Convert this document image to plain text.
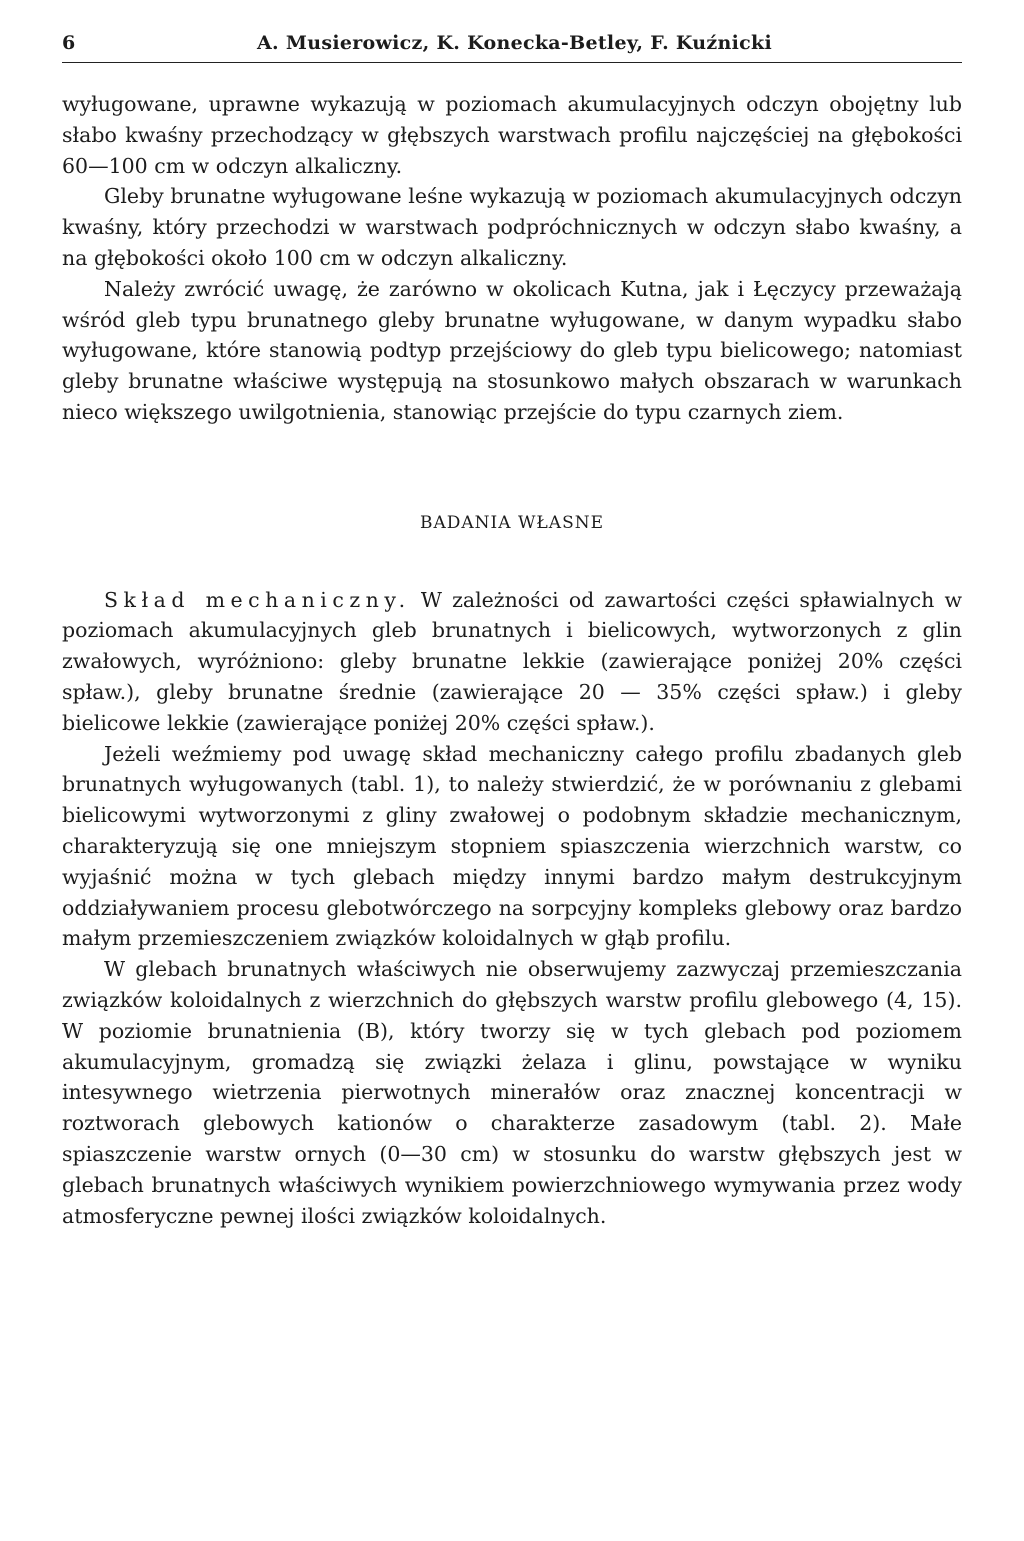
6	A. Musierowicz, K. Konecka-Betley, F. Kuźnicki

wyługowane, uprawne wykazują w poziomach akumulacyjnych odczyn obojętny lub słabo kwaśny przechodzący w głębszych warstwach profilu najczęściej na głębokości 60—100 cm w odczyn alkaliczny.

Gleby brunatne wyługowane leśne wykazują w poziomach akumulacyjnych odczyn kwaśny, który przechodzi w warstwach podpróchnicznych w odczyn słabo kwaśny, a na głębokości około 100 cm w odczyn alkaliczny.

Należy zwrócić uwagę, że zarówno w okolicach Kutna, jak i Łęczycy przeważają wśród gleb typu brunatnego gleby brunatne wyługowane, w danym wypadku słabo wyługowane, które stanowią podtyp przejściowy do gleb typu bielicowego; natomiast gleby brunatne właściwe występują na stosunkowo małych obszarach w warunkach nieco większego uwilgotnienia, stanowiąc przejście do typu czarnych ziem.

BADANIA WŁASNE

Skład mechaniczny. W zależności od zawartości części spławialnych w poziomach akumulacyjnych gleb brunatnych i bielicowych, wytworzonych z glin zwałowych, wyróżniono: gleby brunatne lekkie (zawierające poniżej 20% części spław.), gleby brunatne średnie (zawierające 20 — 35% części spław.) i gleby bielicowe lekkie (zawierające poniżej 20% części spław.).

Jeżeli weźmiemy pod uwagę skład mechaniczny całego profilu zbadanych gleb brunatnych wyługowanych (tabl. 1), to należy stwierdzić, że w porównaniu z glebami bielicowymi wytworzonymi z gliny zwałowej o podobnym składzie mechanicznym, charakteryzują się one mniejszym stopniem spiaszczenia wierzchnich warstw, co wyjaśnić można w tych glebach między innymi bardzo małym destrukcyjnym oddziaływaniem procesu glebotwórczego na sorpcyjny kompleks glebowy oraz bardzo małym przemieszczeniem związków koloidalnych w głąb profilu.

W glebach brunatnych właściwych nie obserwujemy zazwyczaj przemieszczania związków koloidalnych z wierzchnich do głębszych warstw profilu glebowego (4, 15). W poziomie brunatnienia (B), który tworzy się w tych glebach pod poziomem akumulacyjnym, gromadzą się związki żelaza i glinu, powstające w wyniku intesywnego wietrzenia pierwotnych minerałów oraz znacznej koncentracji w roztworach glebowych kationów o charakterze zasadowym (tabl. 2). Małe spiaszczenie warstw ornych (0—30 cm) w stosunku do warstw głębszych jest w glebach brunatnych właściwych wynikiem powierzchniowego wymywania przez wody atmosferyczne pewnej ilości związków koloidalnych.
